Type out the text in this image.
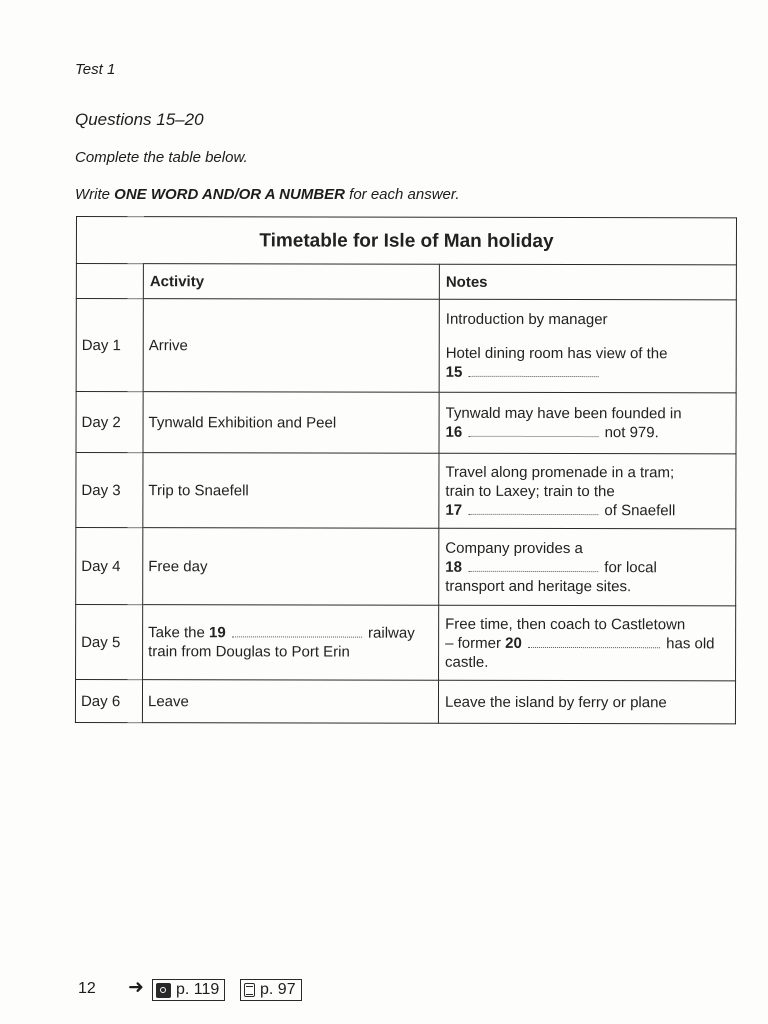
Test 1
Questions 15–20
Complete the table below.
Write ONE WORD AND/OR A NUMBER for each answer.
Timetable for Isle of Man holiday		
	Activity	Notes
Day 1	Arrive	Introduction by manager
Hotel dining room has view of the
15

Day 2	Tynwald Exhibition and Peel	Tynwald may have been founded in
16 not 979.

Day 3	Trip to Snaefell	Travel along promenade in a tram;
train to Laxey; train to the
17 of Snaefell

Day 4	Free day	Company provides a
18 for local
transport and heritage sites.

Day 5	Take the 19 railway
train from Douglas to Port Erin	Free time, then coach to Castletown
– former 20 has old
castle.

Day 6	Leave	Leave the island by ferry or plane
12 ➜ p. 119	p. 97
